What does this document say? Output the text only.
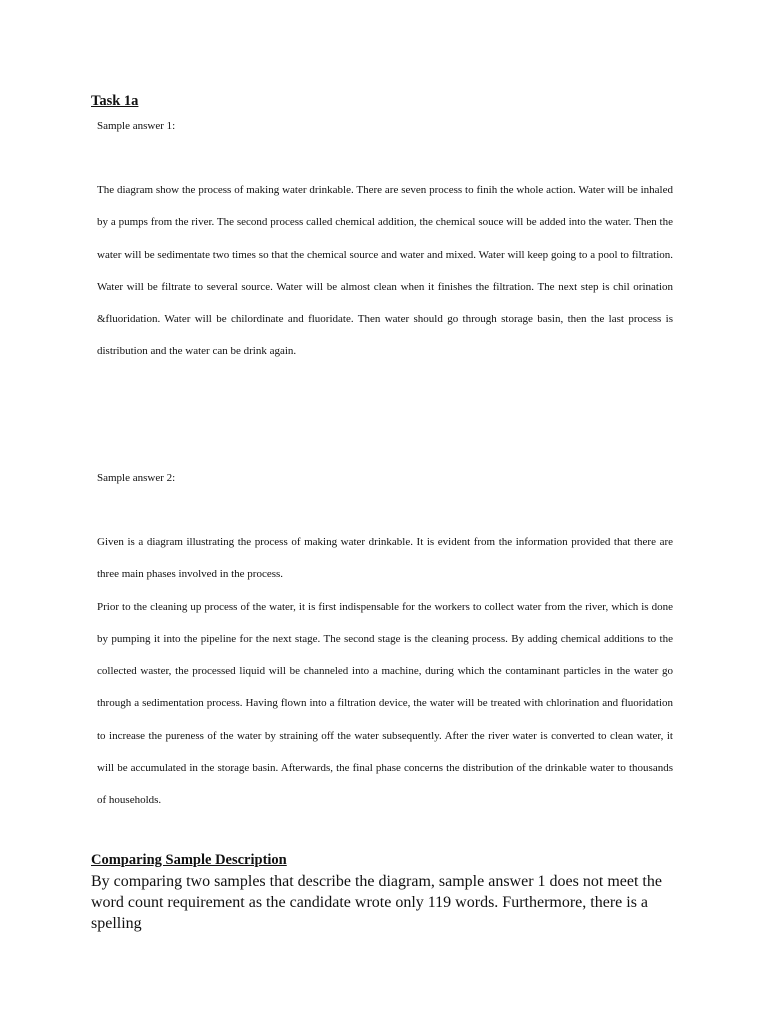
Task 1a
Sample answer 1:

The diagram show the process of making water drinkable. There are seven process to finih the whole action. Water will be inhaled by a pumps from the river. The second process called chemical addition, the chemical souce will be added into the water. Then the water will be sedimentate two times so that the chemical source and water and mixed. Water will keep going to a pool to filtration. Water will be filtrate to several source. Water will be almost clean when it finishes the filtration. The next step is chil orination &fluoridation. Water will be chilordinate and fluoridate. Then water should go through storage basin, then the last process is distribution and the water can be drink again.

Sample answer 2:

Given is a diagram illustrating the process of making water drinkable. It is evident from the information provided that there are three main phases involved in the process.

Prior to the cleaning up process of the water, it is first indispensable for the workers to collect water from the river, which is done by pumping it into the pipeline for the next stage. The second stage is the cleaning process. By adding chemical additions to the collected waster, the processed liquid will be channeled into a machine, during which the contaminant particles in the water go through a sedimentation process. Having flown into a filtration device, the water will be treated with chlorination and fluoridation to increase the pureness of the water by straining off the water subsequently. After the river water is converted to clean water, it will be accumulated in the storage basin. Afterwards, the final phase concerns the distribution of the drinkable water to thousands of households.

Comparing Sample Description

By comparing two samples that describe the diagram, sample answer 1 does not meet the word count requirement as the candidate wrote only 119 words. Furthermore, there is a spelling
